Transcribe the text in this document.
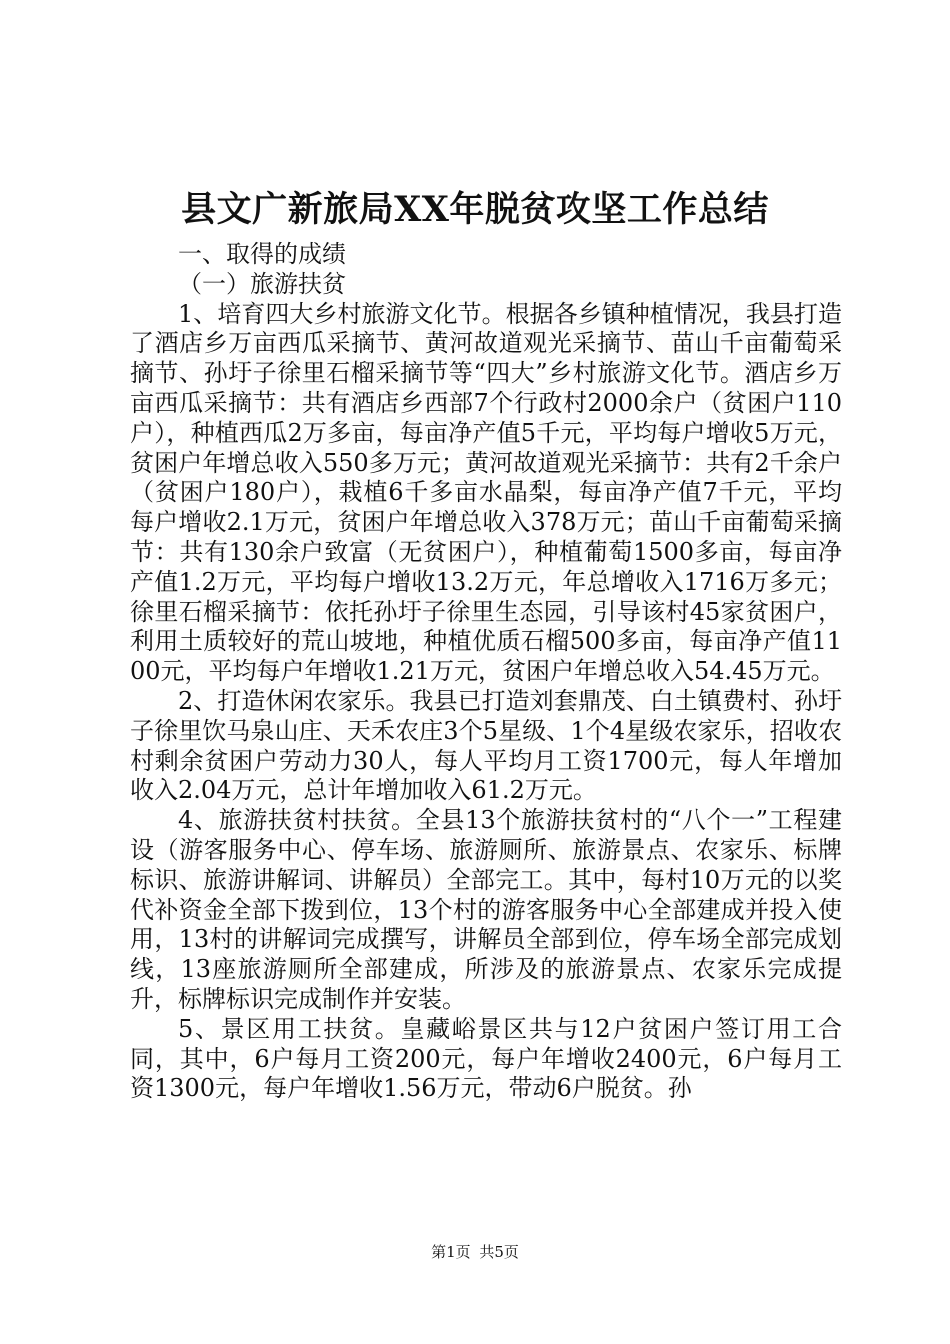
县文广新旅局XX年脱贫攻坚工作总结

一、取得的成绩

（一）旅游扶贫

1、培育四大乡村旅游文化节。根据各乡镇种植情况，我县打造了酒店乡万亩西瓜采摘节、黄河故道观光采摘节、苗山千亩葡萄采摘节、孙圩子徐里石榴采摘节等“四大”乡村旅游文化节。酒店乡万亩西瓜采摘节：共有酒店乡西部7个行政村2000余户（贫困户110户），种植西瓜2万多亩，每亩净产值5千元，平均每户增收5万元，贫困户年增总收入550多万元；黄河故道观光采摘节：共有2千余户（贫困户180户），栽植6千多亩水晶梨，每亩净产值7千元，平均每户增收2.1万元，贫困户年增总收入378万元；苗山千亩葡萄采摘节：共有130余户致富（无贫困户），种植葡萄1500多亩，每亩净产值1.2万元，平均每户增收13.2万元，年总增收入1716万多元；徐里石榴采摘节：依托孙圩子徐里生态园，引导该村45家贫困户，利用土质较好的荒山坡地，种植优质石榴500多亩，每亩净产值1100元，平均每户年增收1.21万元，贫困户年增总收入54.45万元。

2、打造休闲农家乐。我县已打造刘套鼎茂、白土镇费村、孙圩子徐里饮马泉山庄、天禾农庄3个5星级、1个4星级农家乐，招收农村剩余贫困户劳动力30人，每人平均月工资1700元，每人年增加收入2.04万元，总计年增加收入61.2万元。

4、旅游扶贫村扶贫。全县13个旅游扶贫村的“八个一”工程建设（游客服务中心、停车场、旅游厕所、旅游景点、农家乐、标牌标识、旅游讲解词、讲解员）全部完工。其中，每村10万元的以奖代补资金全部下拨到位，13个村的游客服务中心全部建成并投入使用，13村的讲解词完成撰写，讲解员全部到位，停车场全部完成划线，13座旅游厕所全部建成，所涉及的旅游景点、农家乐完成提升，标牌标识完成制作并安装。

5、景区用工扶贫。皇藏峪景区共与12户贫困户签订用工合同，其中，6户每月工资200元，每户年增收2400元，6户每月工资1300元，每户年增收1.56万元，带动6户脱贫。孙

第1页 共5页
